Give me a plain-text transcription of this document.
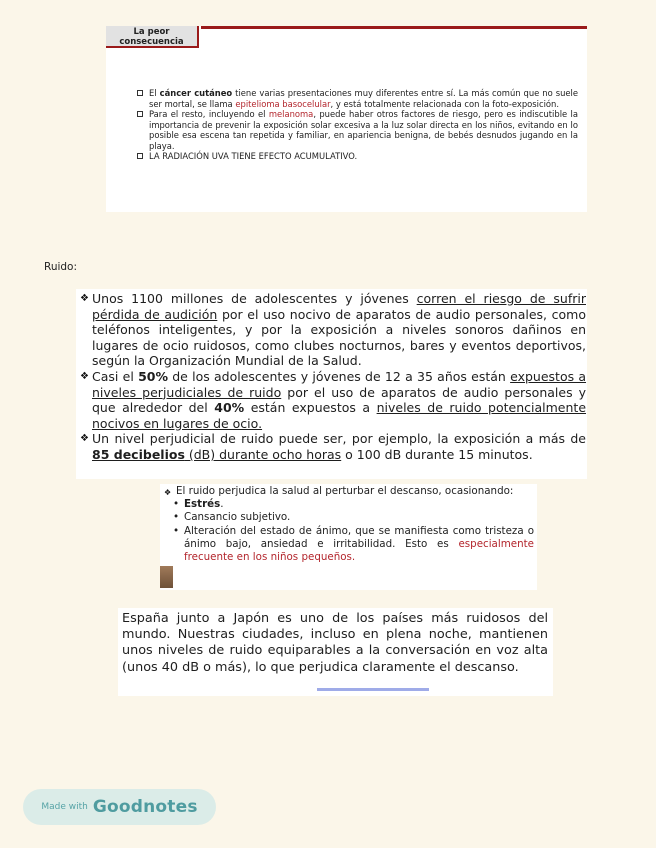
La peor consecuencia

El cáncer cutáneo tiene varias presentaciones muy diferentes entre sí. La más común que no suele ser mortal, se llama epitelioma basocelular, y está totalmente relacionada con la foto-exposición.

Para el resto, incluyendo el melanoma, puede haber otros factores de riesgo, pero es indiscutible la importancia de prevenir la exposición solar excesiva a la luz solar directa en los niños, evitando en lo posible esa escena tan repetida y familiar, en apariencia benigna, de bebés desnudos jugando en la playa.

LA RADIACIÓN UVA TIENE EFECTO ACUMULATIVO.

Ruido:

❖ Unos 1100 millones de adolescentes y jóvenes corren el riesgo de sufrir pérdida de audición por el uso nocivo de aparatos de audio personales, como teléfonos inteligentes, y por la exposición a niveles sonoros dañinos en lugares de ocio ruidosos, como clubes nocturnos, bares y eventos deportivos, según la Organización Mundial de la Salud.

❖ Casi el 50% de los adolescentes y jóvenes de 12 a 35 años están expuestos a niveles perjudiciales de ruido por el uso de aparatos de audio personales y que alrededor del 40% están expuestos a niveles de ruido potencialmente nocivos en lugares de ocio.

❖ Un nivel perjudicial de ruido puede ser, por ejemplo, la exposición a más de 85 decibelios (dB) durante ocho horas o 100 dB durante 15 minutos.

❖ El ruido perjudica la salud al perturbar el descanso, ocasionando:

• Estrés.
• Cansancio subjetivo.
• Alteración del estado de ánimo, que se manifiesta como tristeza o ánimo bajo, ansiedad e irritabilidad. Esto es especialmente frecuente en los niños pequeños.
España junto a Japón es uno de los países más ruidosos del mundo. Nuestras ciudades, incluso en plena noche, mantienen unos niveles de ruido equiparables a la conversación en voz alta (unos 40 dB o más), lo que perjudica claramente el descanso.
Made with Goodnotes
